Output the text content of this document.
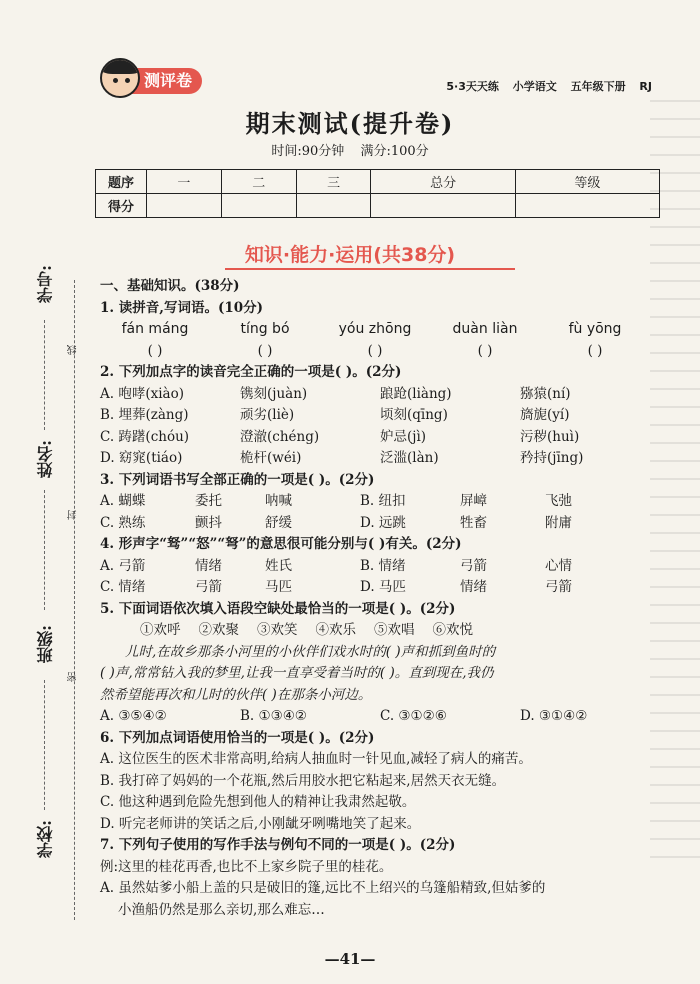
测评卷	5·3天天练 小学语文 五年级下册 RJ
期末测试(提升卷)
时间:90分钟 满分:100分
题序	一	二	三	总分	等级
得分					
知识·能力·运用(共38分)
学号:
姓名:
班级:
学校:
线
封
密

一、基础知识。(38分)

1. 读拼音,写词语。(10分)

fán máng	tíng bó	yóu zhōng	duàn liàn	fù yōng
( )	( )	( )	( )	( )

2. 下列加点字的读音完全正确的一项是( )。(2分)

A. 咆哮(xiào)	镌刻(juàn)	踉跄(liàng)	猕猿(ní)

B. 埋葬(zàng)	顽劣(liè)	顷刻(qīng)	旖旎(yí)

C. 踌躇(chóu)	澄澈(chéng)	妒忌(jì)	污秽(huì)

D. 窈窕(tiáo)	桅杆(wéi)	泛滥(làn)	矜持(jīng)

3. 下列词语书写全部正确的一项是( )。(2分)

A. 蝴蝶	委托	呐喊	B. 纽扣	屏嶂	飞弛

C. 熟练	颤抖	舒缓	D. 远跳	牲畜	附庸

4. 形声字“驽”“怒”“弩”的意思很可能分别与( )有关。(2分)

A. 弓箭	情绪	姓氏	B. 情绪	弓箭	心情

C. 情绪	弓箭	马匹	D. 马匹	情绪	弓箭

5. 下面词语依次填入语段空缺处最恰当的一项是( )。(2分)

①欢呼 ②欢聚 ③欢笑 ④欢乐 ⑤欢唱 ⑥欢悦

儿时,在故乡那条小河里的小伙伴们戏水时的( )声和抓到鱼时的

( )声,常常钻入我的梦里,让我一直享受着当时的( )。直到现在,我仍

然希望能再次和儿时的伙伴( )在那条小河边。

A. ③⑤④②	B. ①③④②	C. ③①②⑥	D. ③①④②

6. 下列加点词语使用恰当的一项是( )。(2分)

A. 这位医生的医术非常高明,给病人抽血时一针见血,减轻了病人的痛苦。

B. 我打碎了妈妈的一个花瓶,然后用胶水把它粘起来,居然天衣无缝。

C. 他这种遇到危险先想到他人的精神让我肃然起敬。

D. 听完老师讲的笑话之后,小刚龇牙咧嘴地笑了起来。

7. 下列句子使用的写作手法与例句不同的一项是( )。(2分)

例:这里的桂花再香,也比不上家乡院子里的桂花。

A. 虽然姑爹小船上盖的只是破旧的篷,远比不上绍兴的乌篷船精致,但姑爹的

小渔船仍然是那么亲切,那么难忘…

—41—
